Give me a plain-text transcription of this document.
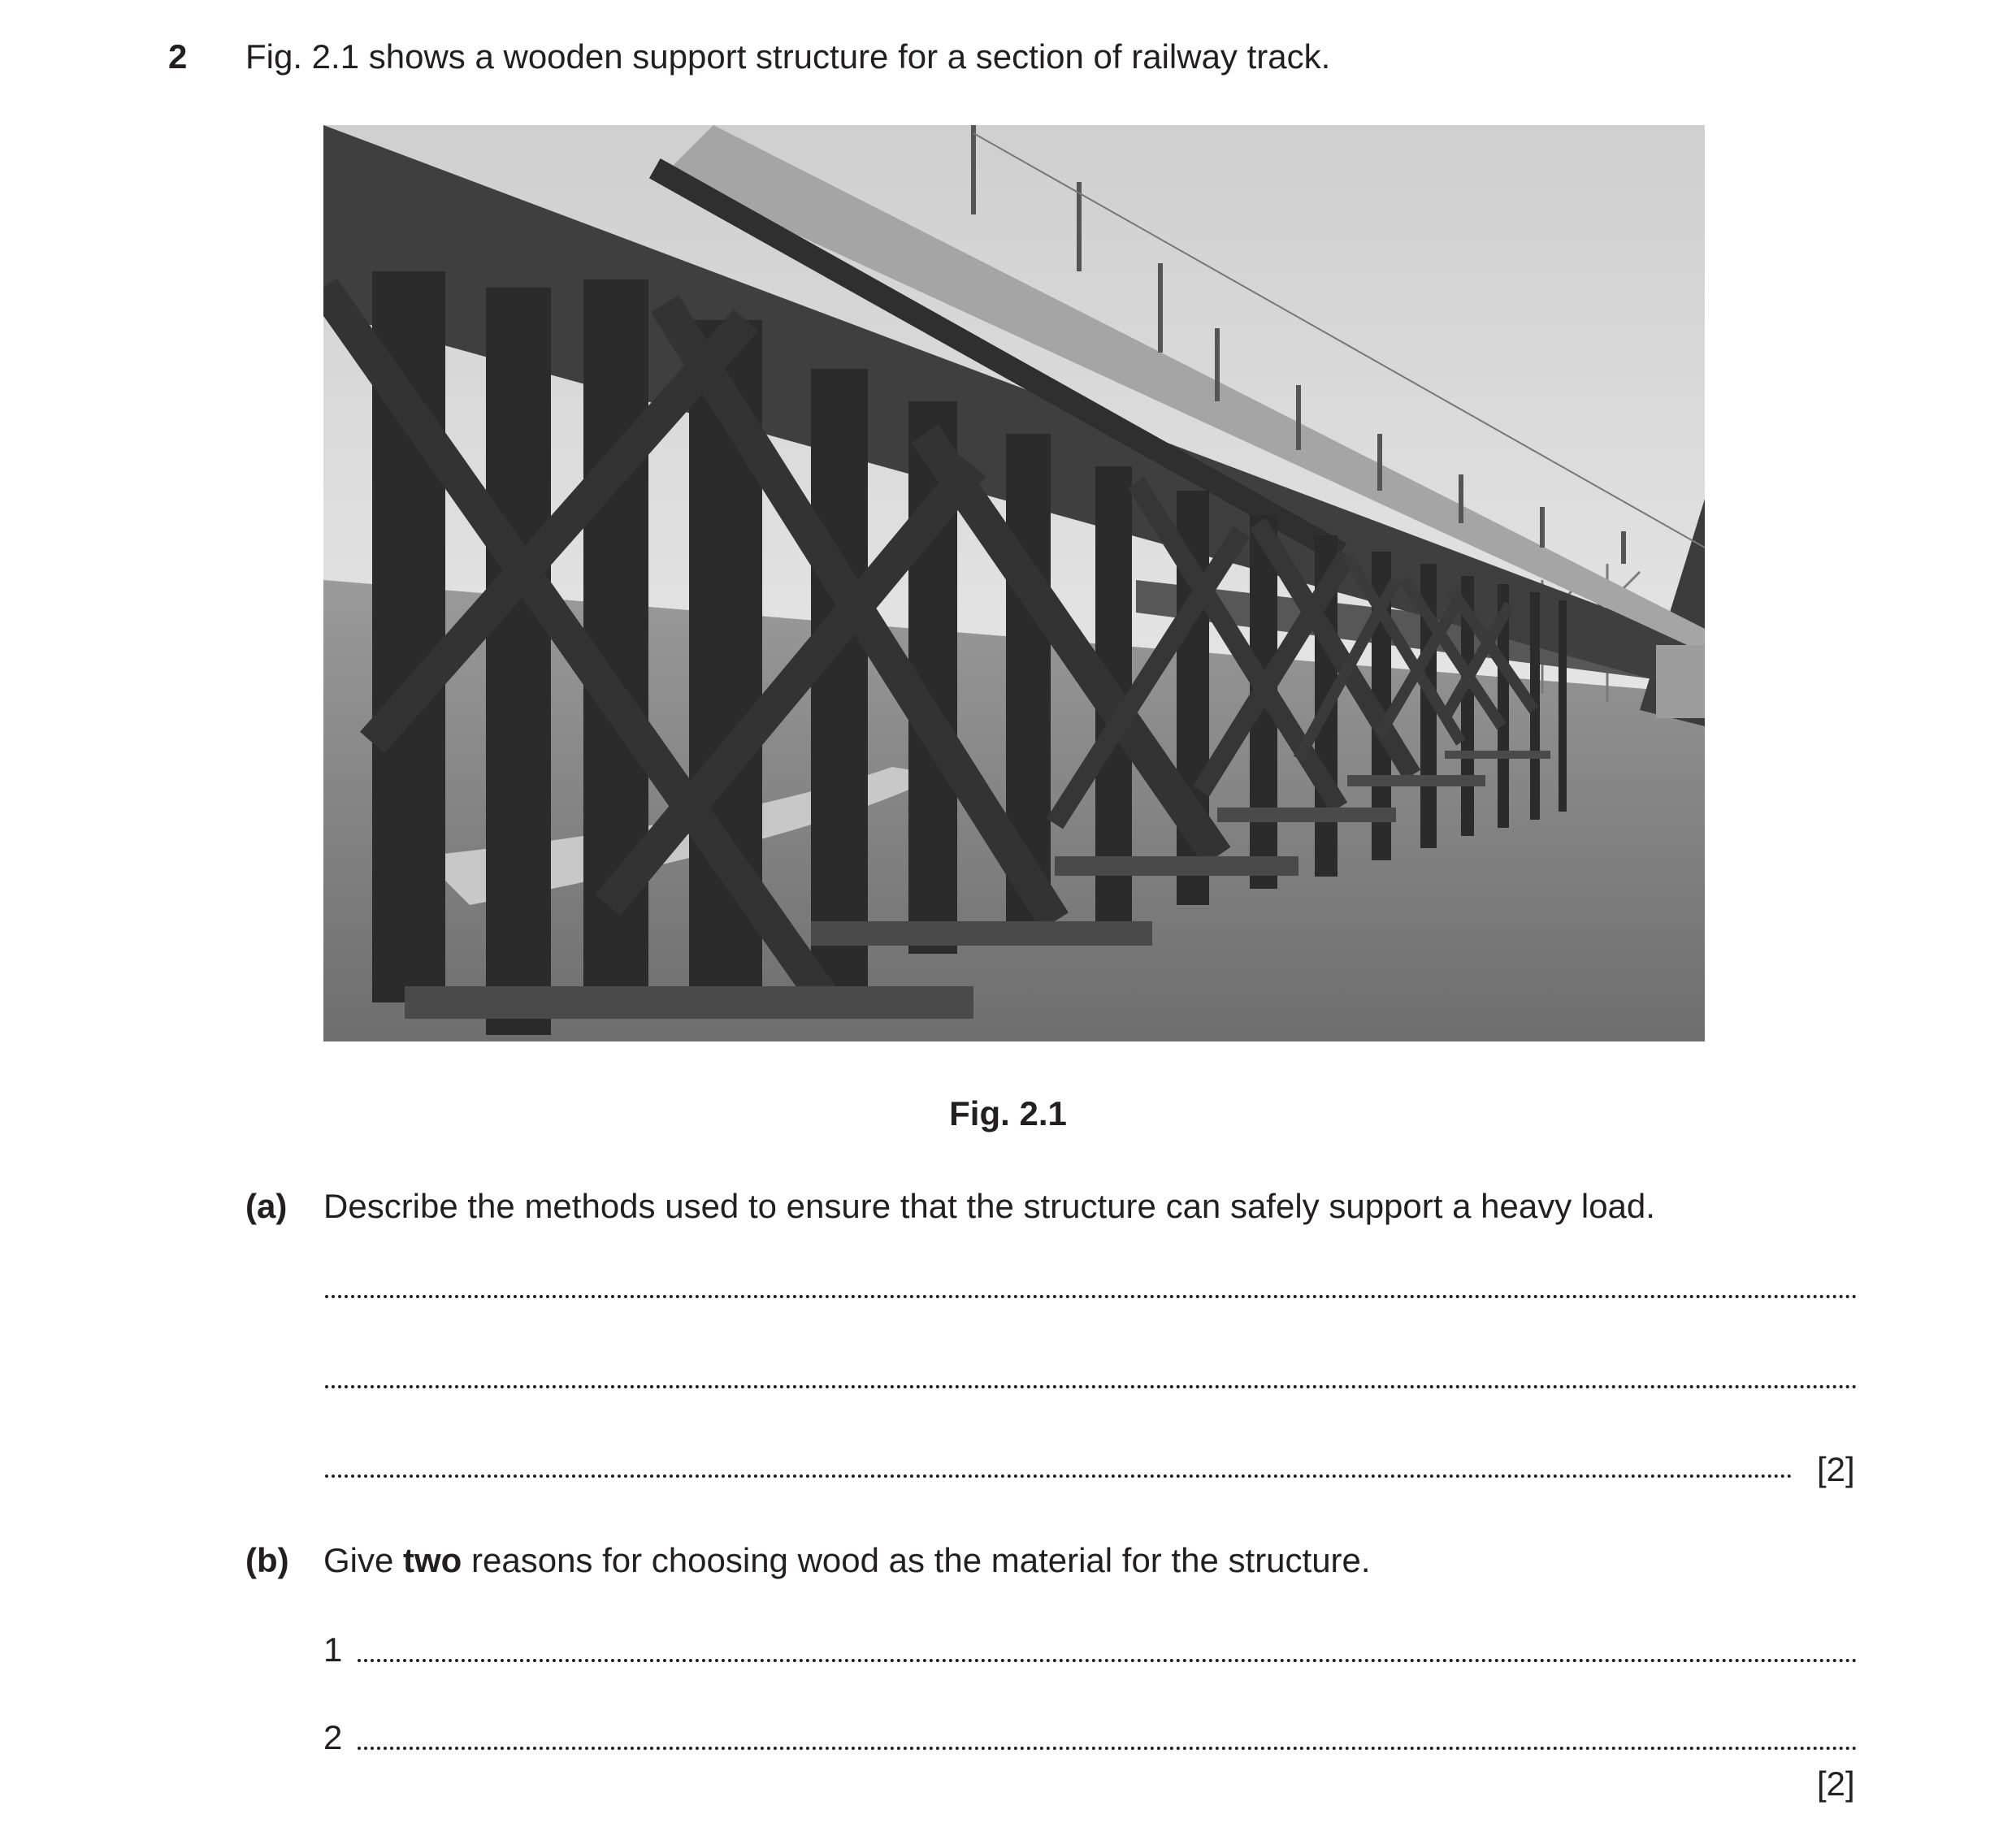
2 Fig. 2.1 shows a wooden support structure for a section of railway track.
Fig. 2.1
(a) Describe the methods used to ensure that the structure can safely support a heavy load.
[2]
(b) Give two reasons for choosing wood as the material for the structure.
1
2
[2]
